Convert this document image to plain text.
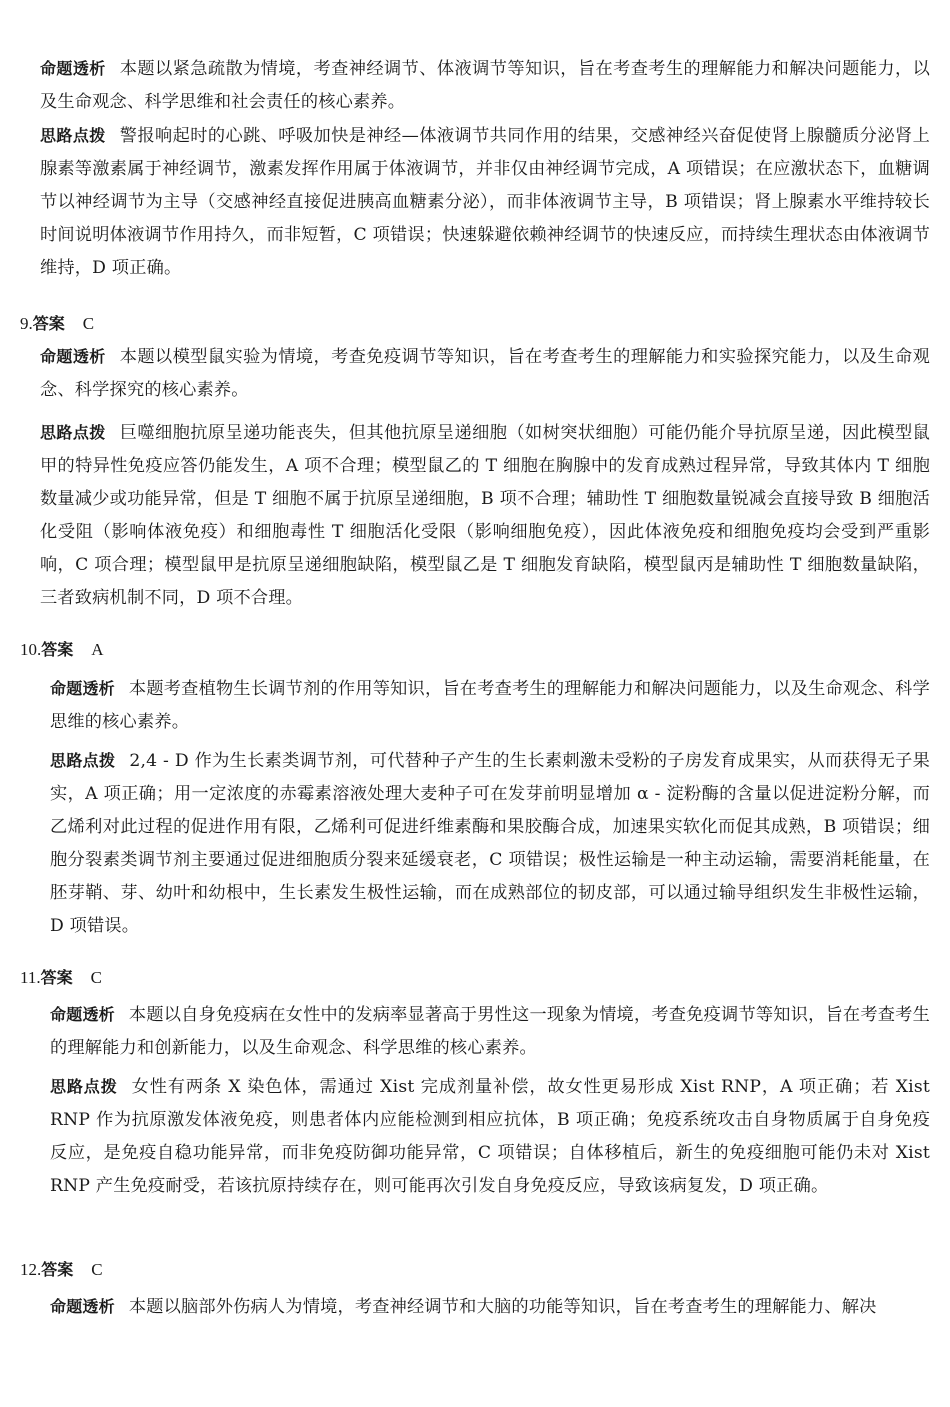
命题透析 本题以紧急疏散为情境，考查神经调节、体液调节等知识，旨在考查考生的理解能力和解决问题能力，以及生命观念、科学思维和社会责任的核心素养。

思路点拨 警报响起时的心跳、呼吸加快是神经—体液调节共同作用的结果，交感神经兴奋促使肾上腺髓质分泌肾上腺素等激素属于神经调节，激素发挥作用属于体液调节，并非仅由神经调节完成，A 项错误；在应激状态下，血糖调节以神经调节为主导（交感神经直接促进胰高血糖素分泌），而非体液调节主导，B 项错误；肾上腺素水平维持较长时间说明体液调节作用持久，而非短暂，C 项错误；快速躲避依赖神经调节的快速反应，而持续生理状态由体液调节维持，D 项正确。

9.答案 C

命题透析 本题以模型鼠实验为情境，考查免疫调节等知识，旨在考查考生的理解能力和实验探究能力，以及生命观念、科学探究的核心素养。

思路点拨 巨噬细胞抗原呈递功能丧失，但其他抗原呈递细胞（如树突状细胞）可能仍能介导抗原呈递，因此模型鼠甲的特异性免疫应答仍能发生，A 项不合理；模型鼠乙的 T 细胞在胸腺中的发育成熟过程异常，导致其体内 T 细胞数量减少或功能异常，但是 T 细胞不属于抗原呈递细胞，B 项不合理；辅助性 T 细胞数量锐减会直接导致 B 细胞活化受阻（影响体液免疫）和细胞毒性 T 细胞活化受限（影响细胞免疫），因此体液免疫和细胞免疫均会受到严重影响，C 项合理；模型鼠甲是抗原呈递细胞缺陷，模型鼠乙是 T 细胞发育缺陷，模型鼠丙是辅助性 T 细胞数量缺陷，三者致病机制不同，D 项不合理。

10.答案 A

命题透析 本题考查植物生长调节剂的作用等知识，旨在考查考生的理解能力和解决问题能力，以及生命观念、科学思维的核心素养。

思路点拨 2,4 - D 作为生长素类调节剂，可代替种子产生的生长素刺激未受粉的子房发育成果实，从而获得无子果实，A 项正确；用一定浓度的赤霉素溶液处理大麦种子可在发芽前明显增加 α - 淀粉酶的含量以促进淀粉分解，而乙烯利对此过程的促进作用有限，乙烯利可促进纤维素酶和果胶酶合成，加速果实软化而促其成熟，B 项错误；细胞分裂素类调节剂主要通过促进细胞质分裂来延缓衰老，C 项错误；极性运输是一种主动运输，需要消耗能量，在胚芽鞘、芽、幼叶和幼根中，生长素发生极性运输，而在成熟部位的韧皮部，可以通过输导组织发生非极性运输，D 项错误。

11.答案 C

命题透析 本题以自身免疫病在女性中的发病率显著高于男性这一现象为情境，考查免疫调节等知识，旨在考查考生的理解能力和创新能力，以及生命观念、科学思维的核心素养。

思路点拨 女性有两条 X 染色体，需通过 Xist 完成剂量补偿，故女性更易形成 Xist RNP，A 项正确；若 Xist RNP 作为抗原激发体液免疫，则患者体内应能检测到相应抗体，B 项正确；免疫系统攻击自身物质属于自身免疫反应，是免疫自稳功能异常，而非免疫防御功能异常，C 项错误；自体移植后，新生的免疫细胞可能仍未对 Xist RNP 产生免疫耐受，若该抗原持续存在，则可能再次引发自身免疫反应，导致该病复发，D 项正确。

12.答案 C

命题透析 本题以脑部外伤病人为情境，考查神经调节和大脑的功能等知识，旨在考查考生的理解能力、解决
